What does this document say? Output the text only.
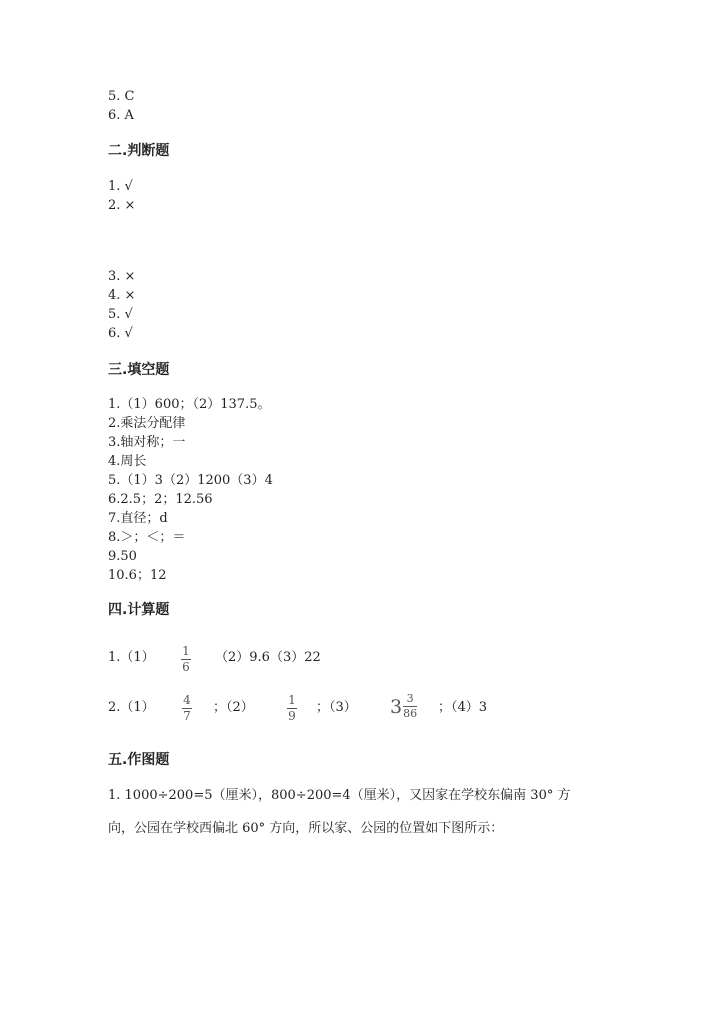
5. C
6. A
二.判断题
1. √
2. ×
3. ×
4. ×
5. √
6. √
三.填空题
1.（1）600；（2）137.5。
2.乘法分配律
3.轴对称；一
4.周长
5.（1）3（2）1200（3）4
6.2.5；2；12.56
7.直径；d
8.＞；＜；＝
9.50
10.6；12
四.计算题
1.（1） 1
6
（2）9.6（3）22
2.（1） 4
7
；（2）	1
9
；（3） $3 \frac{3}{86}$ ；（4）3
五.作图题
1. 1000÷200=5（厘米），800÷200=4（厘米），又因家在学校东偏南 30° 方
向，公园在学校西偏北 60° 方向，所以家、公园的位置如下图所示：
